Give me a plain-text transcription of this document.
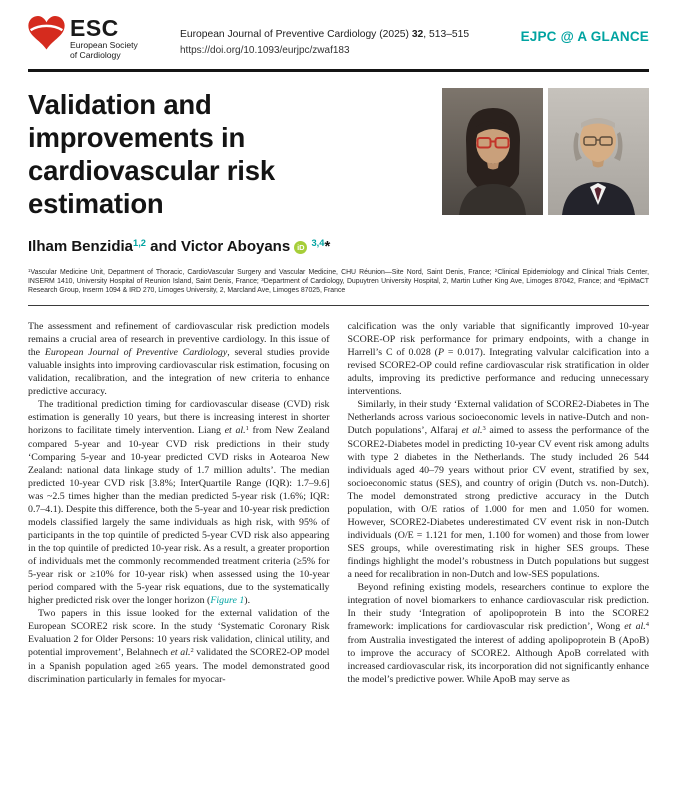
ESC
European Society
of Cardiology
European Journal of Preventive Cardiology (2025) 32, 513–515
https://doi.org/10.1093/eurjpc/zwaf183
EJPC @ A GLANCE
Validation and improvements in cardiovascular risk estimation
Ilham Benzidia$^{1,2}$ and Victor Aboyans iD $^{3,4}$*
$^1$Vascular Medicine Unit, Department of Thoracic, CardioVascular Surgery and Vascular Medicine, CHU Réunion—Site Nord, Saint Denis, France; $^2$Clinical Epidemiology and Clinical Trials Center, INSERM 1410, University Hospital of Reunion Island, Saint Denis, France; $^3$Department of Cardiology, Dupuytren University Hospital, 2, Martin Luther King Ave, Limoges 87042, France; and $^4$EpiMaCT Research Group, Inserm 1094 & IRD 270, Limoges University, 2, Marcland Ave, Limoges 87025, France

The assessment and refinement of cardiovascular risk prediction models remains a crucial area of research in preventive cardiology. In this issue of the European Journal of Preventive Cardiology, several studies provide valuable insights into improving cardiovascular risk estimation, focusing on validation, recalibration, and the integration of new criteria to enhance predictive accuracy.

The traditional prediction timing for cardiovascular disease (CVD) risk estimation is generally 10 years, but there is increasing interest in shorter horizons to facilitate timely intervention. Liang et al.$^1$ from New Zealand compared 5-year and 10-year CVD risk predictions in their study ‘Comparing 5-year and 10-year predicted CVD risks in Aotearoa New Zealand: national data linkage study of 1.7 million adults’. The median predicted 10-year CVD risk [3.8%; InterQuartile Range (IQR): 1.7–9.6] was ~2.5 times higher than the median predicted 5-year risk (1.6%; IQR: 0.7–4.1). Despite this difference, both the 5-year and 10-year risk prediction models classified largely the same individuals as high risk, with 95% of participants in the top quintile of predicted 5-year CVD risk also appearing in the top quintile of predicted 10-year risk. As a result, a greater proportion of individuals met the commonly recommended treatment criteria (≥5% for 5-year risk or ≥10% for 10-year risk) when assessed using the 10-year period compared with the 5-year risk equations, due to the systematically higher predicted risk over the longer horizon (Figure 1).

Two papers in this issue looked for the external validation of the European SCORE2 risk score. In the study ‘Systematic Coronary Risk Evaluation 2 for Older Persons: 10 years risk validation, clinical utility, and potential improvement’, Belahnech et al.$^2$ validated the SCORE2-OP model in a Spanish population aged ≥65 years. The model demonstrated good discrimination particularly in females for myocar-

calcification was the only variable that significantly improved 10-year SCORE-OP risk performance for primary endpoints, with a change in Harrell’s C of 0.028 (P = 0.017). Integrating valvular calcification into a revised SCORE2-OP could refine cardiovascular risk stratification in older adults, improving its predictive performance and reducing unnecessary interventions.

Similarly, in their study ‘External validation of SCORE2-Diabetes in The Netherlands across various socioeconomic levels in native-Dutch and non-Dutch populations’, Alfaraj et al.$^3$ aimed to assess the performance of the SCORE2-Diabetes model in predicting 10-year CV event risk among adults with type 2 diabetes in the Netherlands. The study included 26 544 individuals aged 40–79 years without prior CV event, stratified by sex, socioeconomic status (SES), and country of origin (Dutch vs. non-Dutch). The model demonstrated strong predictive accuracy in the Dutch population, with O/E ratios of 1.000 for men and 1.050 for women. However, SCORE2-Diabetes underestimated CV event risk in non-Dutch individuals (O/E = 1.121 for men, 1.100 for women) and those from lower SES groups, while overestimating risk in higher SES groups. These findings highlight the model’s robustness in Dutch populations but suggest a need for recalibration in non-Dutch and low-SES populations.

Beyond refining existing models, researchers continue to explore the integration of novel biomarkers to enhance cardiovascular risk prediction. In their study ‘Integration of apolipoprotein B into the SCORE2 framework: implications for cardiovascular risk prediction’, Wong et al.$^4$ from Australia investigated the interest of adding apolipoprotein B (ApoB) to improve the accuracy of SCORE2. Although ApoB correlated with increased cardiovascular risk, its incorporation did not significantly enhance the model’s predictive power. While ApoB may serve as
